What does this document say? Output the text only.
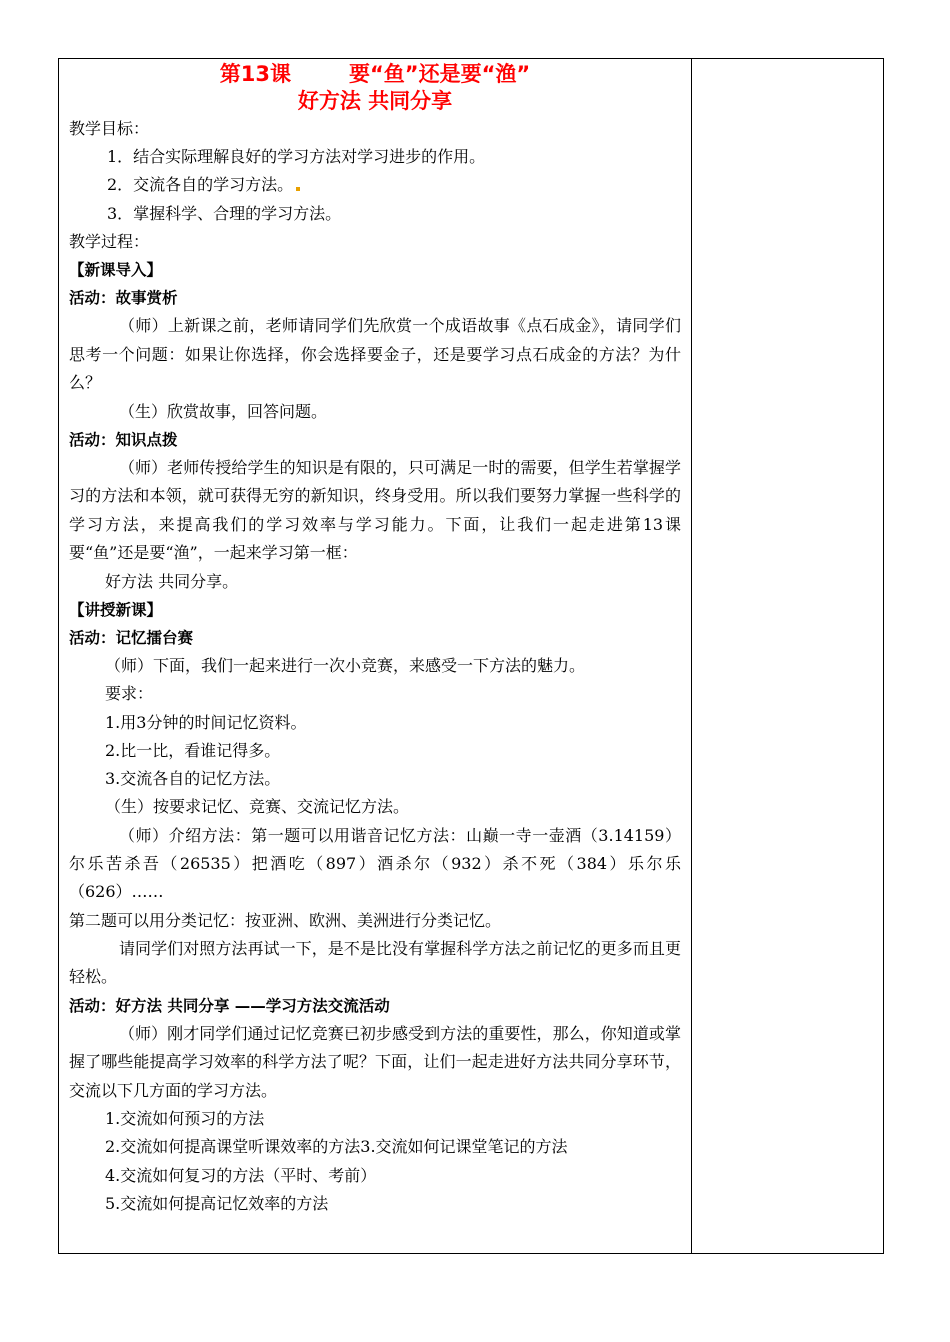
第13课	要“鱼”还是要“渔”
好方法 共同分享
教学目标：
1．结合实际理解良好的学习方法对学习进步的作用。
2．交流各自的学习方法。
3．掌握科学、合理的学习方法。
教学过程：
【新课导入】
活动：故事赏析
（师）上新课之前，老师请同学们先欣赏一个成语故事《点石成金》，请同学们思考一个问题：如果让你选择，你会选择要金子，还是要学习点石成金的方法？为什么？
（生）欣赏故事，回答问题。
活动：知识点拨
（师）老师传授给学生的知识是有限的，只可满足一时的需要，但学生若掌握学习的方法和本领，就可获得无穷的新知识，终身受用。所以我们要努力掌握一些科学的学习方法，来提高我们的学习效率与学习能力。下面，让我们一起走进第13课要“鱼”还是要“渔”，一起来学习第一框：
好方法 共同分享。
【讲授新课】
活动：记忆擂台赛
（师）下面，我们一起来进行一次小竞赛，来感受一下方法的魅力。
要求：
1.用3分钟的时间记忆资料。
2.比一比，看谁记得多。
3.交流各自的记忆方法。
（生）按要求记忆、竞赛、交流记忆方法。
（师）介绍方法：第一题可以用谐音记忆方法：山巅一寺一壶酒（3.14159）尔乐苦杀吾（26535）把酒吃（897）酒杀尔（932）杀不死（384）乐尔乐（626）……
第二题可以用分类记忆：按亚洲、欧洲、美洲进行分类记忆。
请同学们对照方法再试一下，是不是比没有掌握科学方法之前记忆的更多而且更轻松。
活动：好方法 共同分享 ——学习方法交流活动
（师）刚才同学们通过记忆竞赛已初步感受到方法的重要性，那么，你知道或掌握了哪些能提高学习效率的科学方法了呢？下面，让们一起走进好方法共同分享环节，交流以下几方面的学习方法。
1.交流如何预习的方法
2.交流如何提高课堂听课效率的方法3.交流如何记课堂笔记的方法
4.交流如何复习的方法（平时、考前）
5.交流如何提高记忆效率的方法
